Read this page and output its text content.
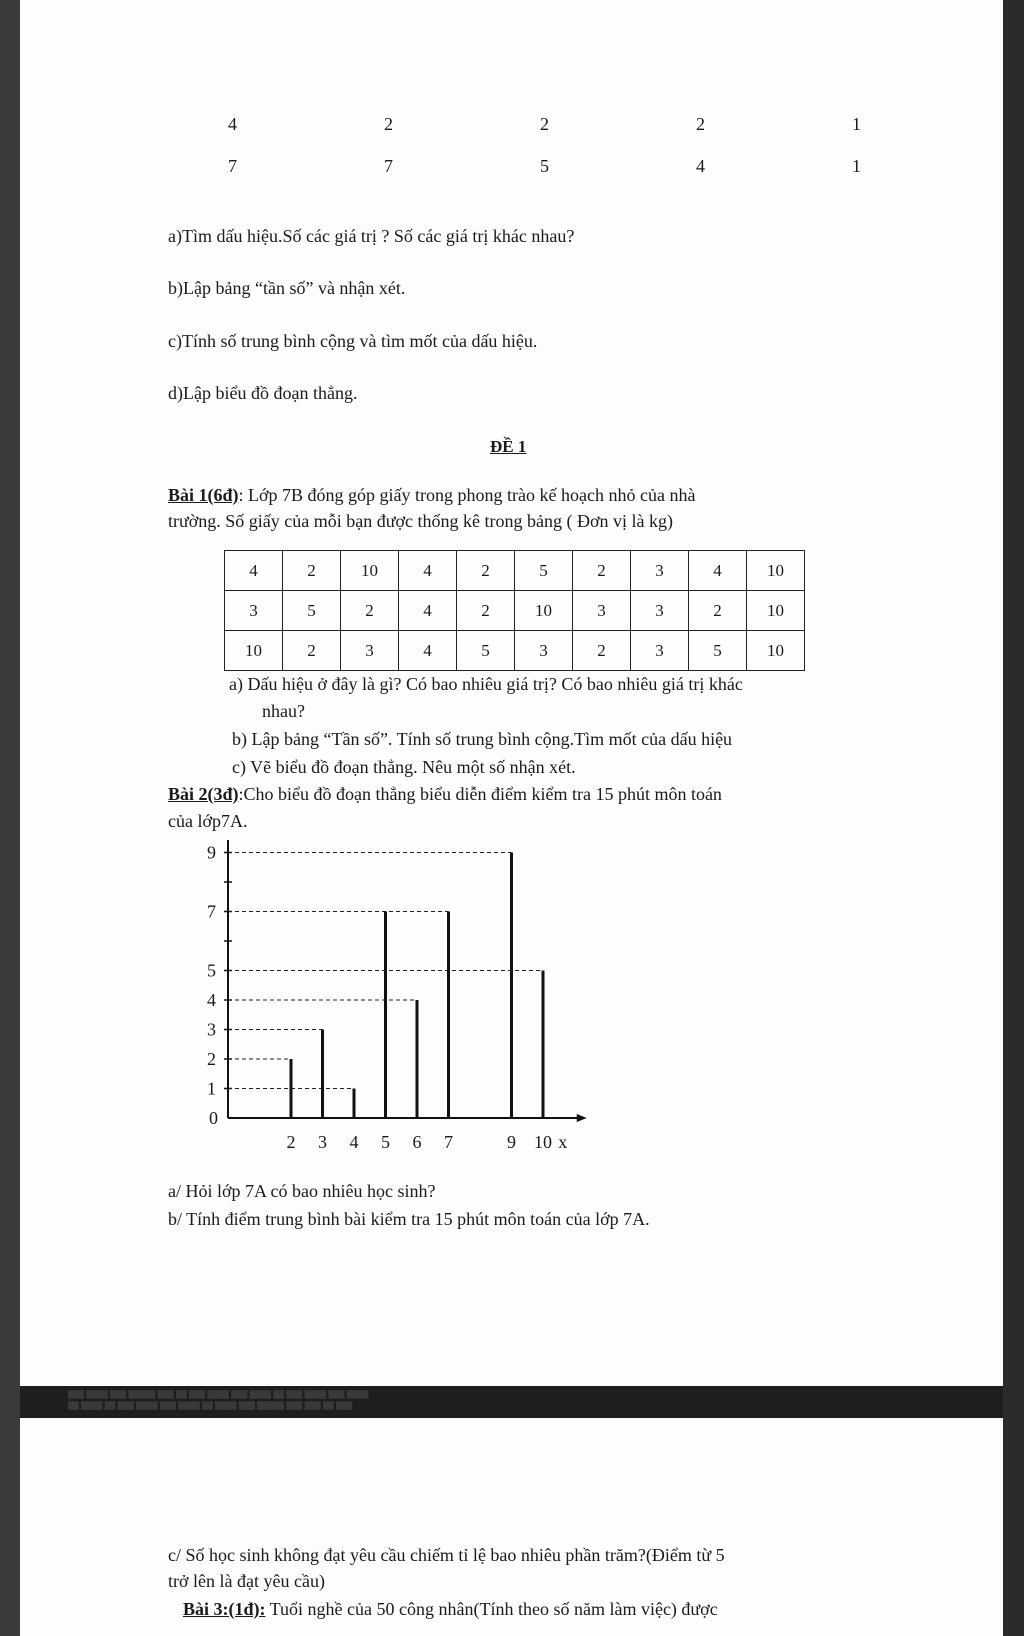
4	2	2	2	1
7	7	5	4	1
a)Tìm dấu hiệu.Số các giá trị ? Số các giá trị khác nhau?
b)Lập bảng “tần số” và nhận xét.
c)Tính số trung bình cộng và tìm mốt của dấu hiệu.
d)Lập biểu đồ đoạn thẳng.
ĐỀ 1
Bài 1(6đ): Lớp 7B đóng góp giấy trong phong trào kế hoạch nhỏ của nhà
trường. Số giấy của mỗi bạn được thống kê trong bảng ( Đơn vị là kg)
4	2	10	4	2	5	2	3	4	10
3	5	2	4	2	10	3	3	2	10
10	2	3	4	5	3	2	3	5	10
a) Dấu hiệu ở đây là gì? Có bao nhiêu giá trị? Có bao nhiêu giá trị khác
nhau?
b) Lập bảng “Tần số”. Tính số trung bình cộng.Tìm mốt của dấu hiệu
c) Vẽ biểu đồ đoạn thẳng. Nêu một số nhận xét.
Bài 2(3đ):Cho biểu đồ đoạn thẳng biểu diễn điểm kiểm tra 15 phút môn toán
của lớp7A.
a/ Hỏi lớp 7A có bao nhiêu học sinh?
b/ Tính điểm trung bình bài kiểm tra 15 phút môn toán của lớp 7A.
x
0
1
2
3
4
5
7
9
2 3 4 5 6 7	9 10
▒▒▒ ▒▒▒▒ ▒▒▒ ▒▒▒▒▒ ▒▒▒ ▒▒ ▒▒▒ ▒▒▒▒ ▒▒▒ ▒▒▒▒ ▒▒ ▒▒▒ ▒▒▒▒ ▒▒▒ ▒▒▒▒
▒▒ ▒▒▒▒ ▒▒ ▒▒▒ ▒▒▒▒ ▒▒▒ ▒▒▒▒ ▒▒ ▒▒▒▒ ▒▒▒ ▒▒▒▒▒ ▒▒▒ ▒▒▒ ▒▒ ▒▒▒
c/ Số học sinh không đạt yêu cầu chiếm tỉ lệ bao nhiêu phần trăm?(Điểm từ 5
trở lên là đạt yêu cầu)
Bài 3:(1đ): Tuổi nghề của 50 công nhân(Tính theo số năm làm việc) được
